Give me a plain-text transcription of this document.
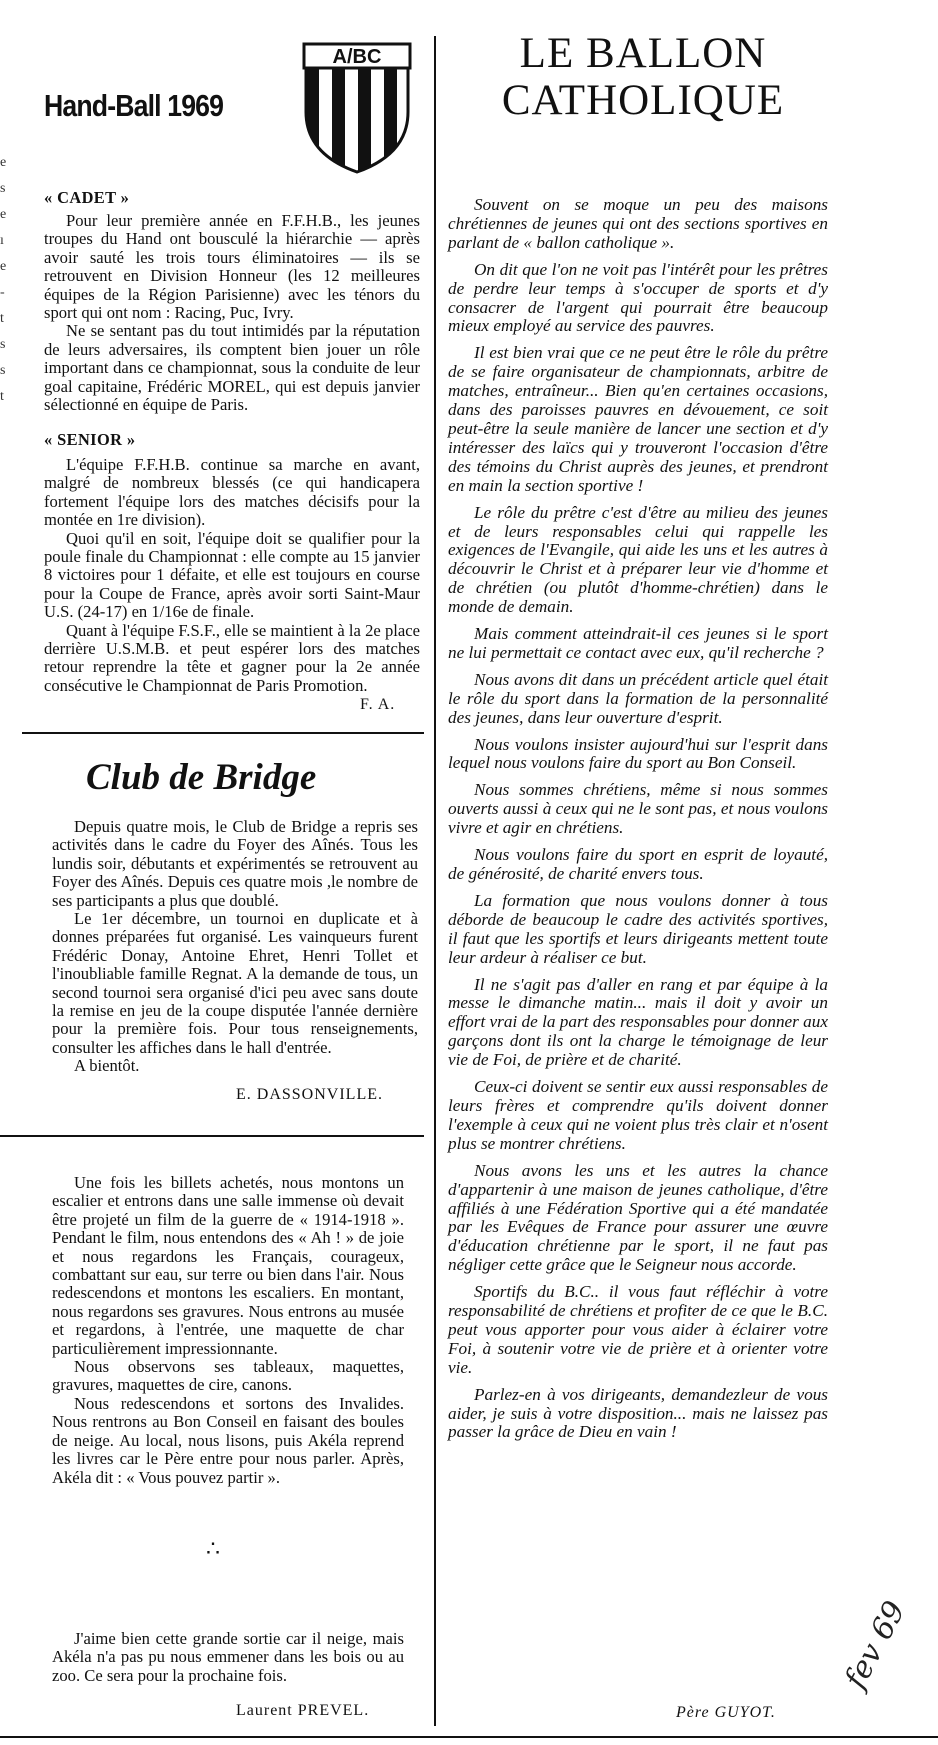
e
s
e
ı
e
-
t
s
s
t
Hand-Ball 1969
A/BC
« CADET »

Pour leur première année en F.F.H.B., les jeunes troupes du Hand ont bousculé la hiérarchie — après avoir sauté les trois tours éliminatoires — ils se retrouvent en Division Honneur (les 12 meilleures équipes de la Région Parisienne) avec les ténors du sport qui ont nom : Racing, Puc, Ivry.

Ne se sentant pas du tout intimidés par la réputation de leurs adversaires, ils comptent bien jouer un rôle important dans ce championnat, sous la conduite de leur goal capitaine, Frédéric MOREL, qui est depuis janvier sélectionné en équipe de Paris.

« SENIOR »

L'équipe F.F.H.B. continue sa marche en avant, malgré de nombreux blessés (ce qui handicapera fortement l'équipe lors des matches décisifs pour la montée en 1re division).

Quoi qu'il en soit, l'équipe doit se qualifier pour la poule finale du Championnat : elle compte au 15 janvier 8 victoires pour 1 défaite, et elle est toujours en course pour la Coupe de France, après avoir sorti Saint-Maur U.S. (24-17) en 1/16e de finale.

Quant à l'équipe F.S.F., elle se maintient à la 2e place derrière U.S.M.B. et peut espérer lors des matches retour reprendre la tête et gagner pour la 2e année consécutive le Championnat de Paris Promotion.

F. A.
Club de Bridge

Depuis quatre mois, le Club de Bridge a repris ses activités dans le cadre du Foyer des Aînés. Tous les lundis soir, débutants et expérimentés se retrouvent au Foyer des Aînés. Depuis ces quatre mois ,le nombre de ses participants a plus que doublé.

Le 1er décembre, un tournoi en duplicate et à donnes préparées fut organisé. Les vainqueurs furent Frédéric Donay, Antoine Ehret, Henri Tollet et l'inoubliable famille Regnat. A la demande de tous, un second tournoi sera organisé d'ici peu avec sans doute la remise en jeu de la coupe disputée l'année dernière pour la première fois. Pour tous renseignements, consulter les affiches dans le hall d'entrée.

A bientôt.

E. DASSONVILLE.

Une fois les billets achetés, nous montons un escalier et entrons dans une salle immense où devait être projeté un film de la guerre de « 1914-1918 ». Pendant le film, nous entendons des « Ah ! » de joie et nous regardons les Français, courageux, combattant sur eau, sur terre ou bien dans l'air. Nous redescendons et montons les escaliers. En montant, nous regardons ses gravures. Nous entrons au musée et regardons, à l'entrée, une maquette de char particulièrement impressionnante.

Nous observons ses tableaux, maquettes, gravures, maquettes de cire, canons.

Nous redescendons et sortons des Invalides. Nous rentrons au Bon Conseil en faisant des boules de neige. Au local, nous lisons, puis Akéla reprend les livres car le Père entre pour nous parler. Après, Akéla dit : « Vous pouvez partir ».

∴

J'aime bien cette grande sortie car il neige, mais Akéla n'a pas pu nous emmener dans les bois ou au zoo. Ce sera pour la prochaine fois.

Laurent PREVEL.
LE BALLON
CATHOLIQUE

Souvent on se moque un peu des maisons chrétiennes de jeunes qui ont des sections sportives en parlant de « ballon catholique ».

On dit que l'on ne voit pas l'intérêt pour les prêtres de perdre leur temps à s'occuper de sports et d'y consacrer de l'argent qui pourrait être beaucoup mieux employé au service des pauvres.

Il est bien vrai que ce ne peut être le rôle du prêtre de se faire organisateur de championnats, arbitre de matches, entraîneur... Bien qu'en certaines occasions, dans des paroisses pauvres en dévouement, ce soit peut-être la seule manière de lancer une section et d'y intéresser des laïcs qui y trouveront l'occasion d'être des témoins du Christ auprès des jeunes, et prendront en main la section sportive !

Le rôle du prêtre c'est d'être au milieu des jeunes et de leurs responsables celui qui rappelle les exigences de l'Evangile, qui aide les uns et les autres à découvrir le Christ et à préparer leur vie d'homme et de chrétien (ou plutôt d'homme-chrétien) dans le monde de demain.

Mais comment atteindrait-il ces jeunes si le sport ne lui permettait ce contact avec eux, qu'il recherche ?

Nous avons dit dans un précédent article quel était le rôle du sport dans la formation de la personnalité des jeunes, dans leur ouverture d'esprit.

Nous voulons insister aujourd'hui sur l'esprit dans lequel nous voulons faire du sport au Bon Conseil.

Nous sommes chrétiens, même si nous sommes ouverts aussi à ceux qui ne le sont pas, et nous voulons vivre et agir en chrétiens.

Nous voulons faire du sport en esprit de loyauté, de générosité, de charité envers tous.

La formation que nous voulons donner à tous déborde de beaucoup le cadre des activités sportives, il faut que les sportifs et leurs dirigeants mettent toute leur ardeur à réaliser ce but.

Il ne s'agit pas d'aller en rang et par équipe à la messe le dimanche matin... mais il doit y avoir un effort vrai de la part des responsables pour donner aux garçons dont ils ont la charge le témoignage de leur vie de Foi, de prière et de charité.

Ceux-ci doivent se sentir eux aussi responsables de leurs frères et comprendre qu'ils doivent donner l'exemple à ceux qui ne voient plus très clair et n'osent plus se montrer chrétiens.

Nous avons les uns et les autres la chance d'appartenir à une maison de jeunes catholique, d'être affiliés à une Fédération Sportive qui a été mandatée par les Evêques de France pour assurer une œuvre d'éducation chrétienne par le sport, il ne faut pas négliger cette grâce que le Seigneur nous accorde.

Sportifs du B.C.. il vous faut réfléchir à votre responsabilité de chrétiens et profiter de ce que le B.C. peut vous apporter pour vous aider à éclairer votre Foi, à soutenir votre vie de prière et à orienter votre vie.

Parlez-en à vos dirigeants, demandezleur de vous aider, je suis à votre disposition... mais ne laissez pas passer la grâce de Dieu en vain !

Père GUYOT.
fev 69
